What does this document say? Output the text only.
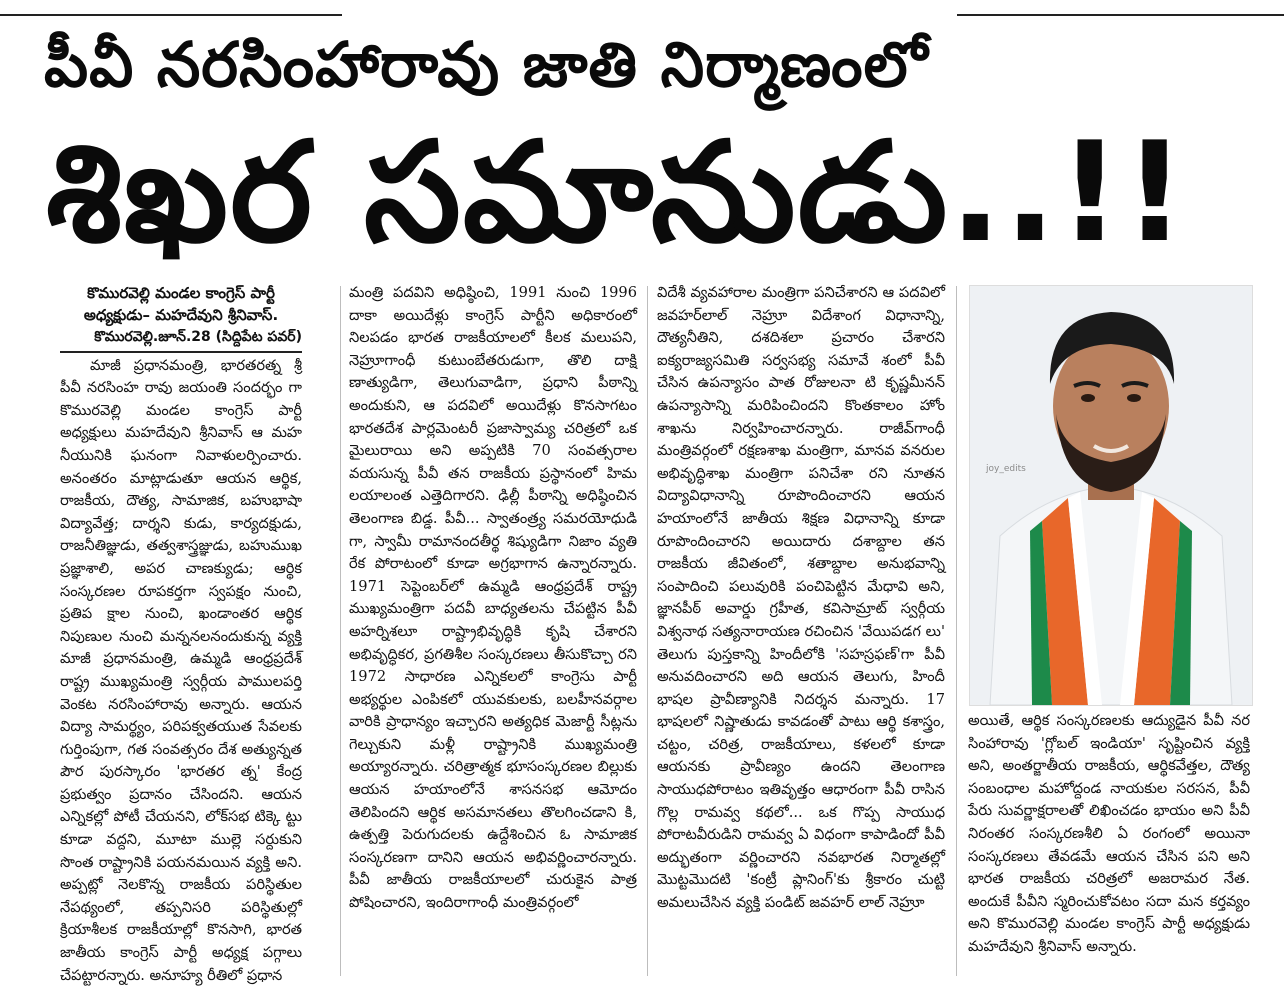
పీవీ నరసింహారావు జాతి నిర్మాణంలో
శిఖర సమానుడు..!!
కొమురవెల్లి మండల కాంగ్రెస్ పార్టీ
అధ్యక్షుడు– మహదేవుని శ్రీనివాస్.
కొమురవెల్లి.జూన్.28 (సిద్దిపేట పవర్)

మాజీ ప్రధానమంత్రి, భారతరత్న శ్రీ పీవీ నరసింహ రావు జయంతి సందర్భం గా కొమురవెల్లి మండల కాంగ్రెస్ పార్టీ అధ్యక్షులు మహదేవుని శ్రీనివాస్ ఆ మహ నీయునికి ఘనంగా నివాళులర్పించారు. అనంతరం మాట్లాడుతూ ఆయన ఆర్థిక, రాజకీయ, దౌత్య, సామాజిక, బహుభాషా విద్యావేత్త; దార్శని కుడు, కార్యదక్షుడు, రాజనీతిజ్ఞుడు, తత్వశాస్త్రజ్ఞుడు, బహుముఖ ప్రజ్ఞాశాలి, అపర చాణక్యుడు; ఆర్థిక సంస్కరణల రూపకర్తగా స్వపక్షం నుంచి, ప్రతిప క్షాల నుంచి, ఖండాంతర ఆర్థిక నిపుణుల నుంచి మన్ననలనందుకున్న వ్యక్తి మాజీ ప్రధానమంత్రి, ఉమ్మడి ఆంధ్రప్రదేశ్ రాష్ట్ర ముఖ్యమంత్రి స్వర్గీయ పాములపర్తి వెంకట నరసింహారావు అన్నారు. ఆయన విద్యా సామర్థ్యం, పరిపక్వతయుత సేవలకు గుర్తింపుగా, గత సంవత్సరం దేశ అత్యున్నత పౌర పురస్కారం 'భారతర త్న' కేంద్ర ప్రభుత్వం ప్రదానం చేసిందని. ఆయన ఎన్నికల్లో పోటీ చేయనని, లోక్‌సభ టిక్కె ట్టు కూడా వద్దని, మూటా ముల్లె సర్దుకుని సొంత రాష్ట్రానికి పయనమయిన వ్యక్తి అని. అప్పట్లో నెలకొన్న రాజకీయ పరిస్థితుల నేపథ్యంలో, తప్పనిసరి పరిస్థితుల్లో క్రియాశీలక రాజకీయాల్లో కొనసాగి, భారత జాతీయ కాంగ్రెస్ పార్టీ అధ్యక్ష పగ్గాలు చేపట్టారన్నారు. అనూహ్య రీతిలో ప్రధాన

మంత్రి పదవిని అధిష్ఠించి, 1991 నుంచి 1996 దాకా అయిదేళ్లు కాంగ్రెస్ పార్టీని అధికారంలో నిలపడం భారత రాజకీయాలలో కీలక మలుపని, నెహ్రూగాంధీ కుటుంబేతరుడుగా, తొలి దాక్షి ణాత్యుడిగా, తెలుగువాడిగా, ప్రధాని పీఠాన్ని అందుకుని, ఆ పదవిలో అయిదేళ్లు కొనసాగటం భారతదేశ పార్లమెంటరీ ప్రజాస్వామ్య చరిత్రలో ఒక మైలురాయి అని అప్పటికి 70 సంవత్సరాల వయసున్న పీవీ తన రాజకీయ ప్రస్థానంలో హిమ లయాలంత ఎత్తెదిగారని. ఢిల్లీ పీఠాన్ని అధిష్ఠించిన తెలంగాణ బిడ్డ. పీవీ... స్వాతంత్ర్య సమరయోధుడి గా, స్వామీ రామానందతీర్థ శిష్యుడిగా నిజాం వ్యతి రేక పోరాటంలో కూడా అగ్రభాగాన ఉన్నారన్నారు. 1971 సెప్టెంబర్‌లో ఉమ్మడి ఆంధ్రప్రదేశ్ రాష్ట్ర ముఖ్యమంత్రిగా పదవీ బాధ్యతలను చేపట్టిన పీవీ అహర్నిశలూ రాష్ట్రాభివృద్ధికి కృషి చేశారని అభివృద్ధికర, ప్రగతిశీల సంస్కరణలు తీసుకొచ్చా రని 1972 సాధారణ ఎన్నికలలో కాంగ్రెసు పార్టీ అభ్యర్థుల ఎంపికలో యువకులకు, బలహీనవర్గాల వారికి ప్రాధాన్యం ఇచ్చారని అత్యధిక మెజార్టీ సీట్లను గెల్చుకుని మళ్లీ రాష్ట్రానికి ముఖ్యమంత్రి అయ్యారన్నారు. చరిత్రాత్మక భూసంస్కరణల బిల్లుకు ఆయన హయాంలోనే శాసనసభ ఆమోదం తెలిపిందని ఆర్థిక అసమానతలు తొలగించడాని కి, ఉత్పత్తి పెరుగుదలకు ఉద్దేశించిన ఓ సామాజిక సంస్కరణగా దానిని ఆయన అభివర్ణించారన్నారు. పీవీ జాతీయ రాజకీయాలలో చురుకైన పాత్ర పోషించారని, ఇందిరాగాంధీ మంత్రివర్గంలో

విదేశీ వ్యవహారాల మంత్రిగా పనిచేశారని ఆ పదవిలో జవహర్‌లాల్ నెహ్రూ విదేశాంగ విధానాన్ని, దౌత్యనీతిని, దశదిశలా ప్రచారం చేశారని ఐక్యరాజ్యసమితి సర్వసభ్య సమావే శంలో పీవీ చేసిన ఉపన్యాసం పాత రోజులనా టి కృష్ణమీనన్ ఉపన్యాసాన్ని మరిపించిందని కొంతకాలం హోం శాఖను నిర్వహించారన్నారు. రాజీవ్‌గాంధీ మంత్రివర్గంలో రక్షణశాఖ మంత్రిగా, మానవ వనరుల అభివృద్ధిశాఖ మంత్రిగా పనిచేశా రని నూతన విద్యావిధానాన్ని రూపొందించారని ఆయన హయాంలోనే జాతీయ శిక్షణ విధానాన్ని కూడా రూపొందించారని అయిదారు దశాబ్దాల తన రాజకీయ జీవితంలో, శతాబ్దాల అనుభవాన్ని సంపాదించి పలువురికి పంచిపెట్టిన మేధావి అని, జ్ఞానపీఠ్ అవార్డు గ్రహీత, కవిసామ్రాట్ స్వర్గీయ విశ్వనాథ సత్యనారాయణ రచించిన 'వేయిపడగ లు' తెలుగు పుస్తకాన్ని హిందీలోకి 'సహస్రఫణ్'గా పీవీ అనువదించారని అది ఆయన తెలుగు, హిందీ భాషల ప్రావీణ్యానికి నిదర్శన మన్నారు. 17 భాషలలో నిష్ణాతుడు కావడంతో పాటు ఆర్థి కశాస్త్రం, చట్టం, చరిత్ర, రాజకీయాలు, కళలలో కూడా ఆయనకు ప్రావీణ్యం ఉందని తెలంగాణ సాయుధపోరాటం ఇతివృత్తం ఆధారంగా పీవీ రాసిన గొల్ల రామవ్వ కథలో... ఒక గొప్ప సాయుధ పోరాటవీరుడిని రామవ్వ ఏ విధంగా కాపాడిందో పీవీ అద్భుతంగా వర్ణించారని నవభారత నిర్మాతల్లో మొట్టమొదటి 'కంట్రీ ప్లానింగ్'కు శ్రీకారం చుట్టి అమలుచేసిన వ్యక్తి పండిట్ జవహర్ లాల్ నెహ్రూ

joy_edits

అయితే, ఆర్థిక సంస్కరణలకు ఆద్యుడైన పీవీ నర సింహారావు 'గ్లోబల్ ఇండియా' సృష్టించిన వ్యక్తి అని, అంతర్జాతీయ రాజకీయ, ఆర్థికవేత్తల, దౌత్య సంబంధాల మహోద్దండ నాయకుల సరసన, పీవీ పేరు సువర్ణాక్షరాలతో లిఖించడం భాయం అని పీవీ నిరంతర సంస్కరణశీలి ఏ రంగంలో అయినా సంస్కరణలు తేవడమే ఆయన చేసిన పని అని భారత రాజకీయ చరిత్రలో అజరామర నేత. అందుకే పీవీని స్మరించుకోవటం సదా మన కర్తవ్యం అని కొమురవెల్లి మండల కాంగ్రెస్ పార్టీ అధ్యక్షుడు మహదేవుని శ్రీనివాస్ అన్నారు.
